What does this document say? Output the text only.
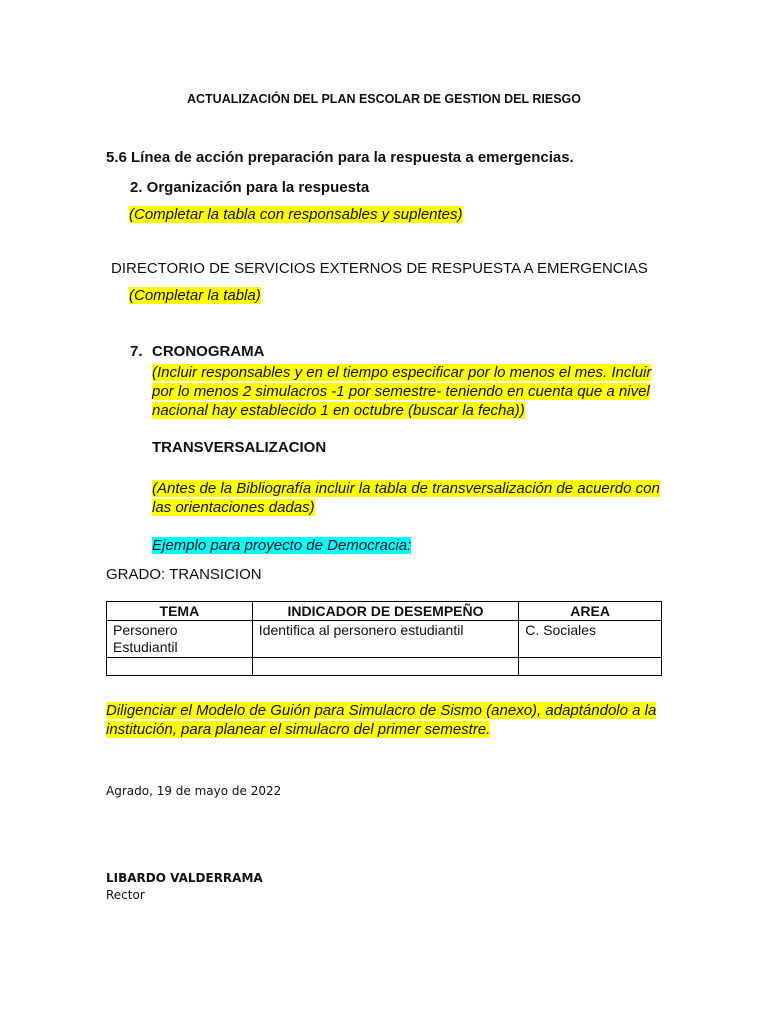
ACTUALIZACIÓN DEL PLAN ESCOLAR DE GESTION DEL RIESGO
5.6 Línea de acción preparación para la respuesta a emergencias.
2. Organización para la respuesta
(Completar la tabla con responsables y suplentes)
DIRECTORIO DE SERVICIOS EXTERNOS DE RESPUESTA A EMERGENCIAS
(Completar la tabla)
7. CRONOGRAMA
(Incluir responsables y en el tiempo especificar por lo menos el mes. Incluir por lo menos 2 simulacros -1 por semestre- teniendo en cuenta que a nivel nacional hay establecido 1 en octubre (buscar la fecha))
TRANSVERSALIZACION
(Antes de la Bibliografía incluir la tabla de transversalización de acuerdo con las orientaciones dadas)
Ejemplo para proyecto de Democracia:
GRADO: TRANSICION
TEMA	INDICADOR DE DESEMPEÑO	AREA
Personero Estudiantil	Identifica al personero estudiantil	C. Sociales

Diligenciar el Modelo de Guión para Simulacro de Sismo (anexo), adaptándolo a la institución, para planear el simulacro del primer semestre.
Agrado, 19 de mayo de 2022
LIBARDO VALDERRAMA
Rector
